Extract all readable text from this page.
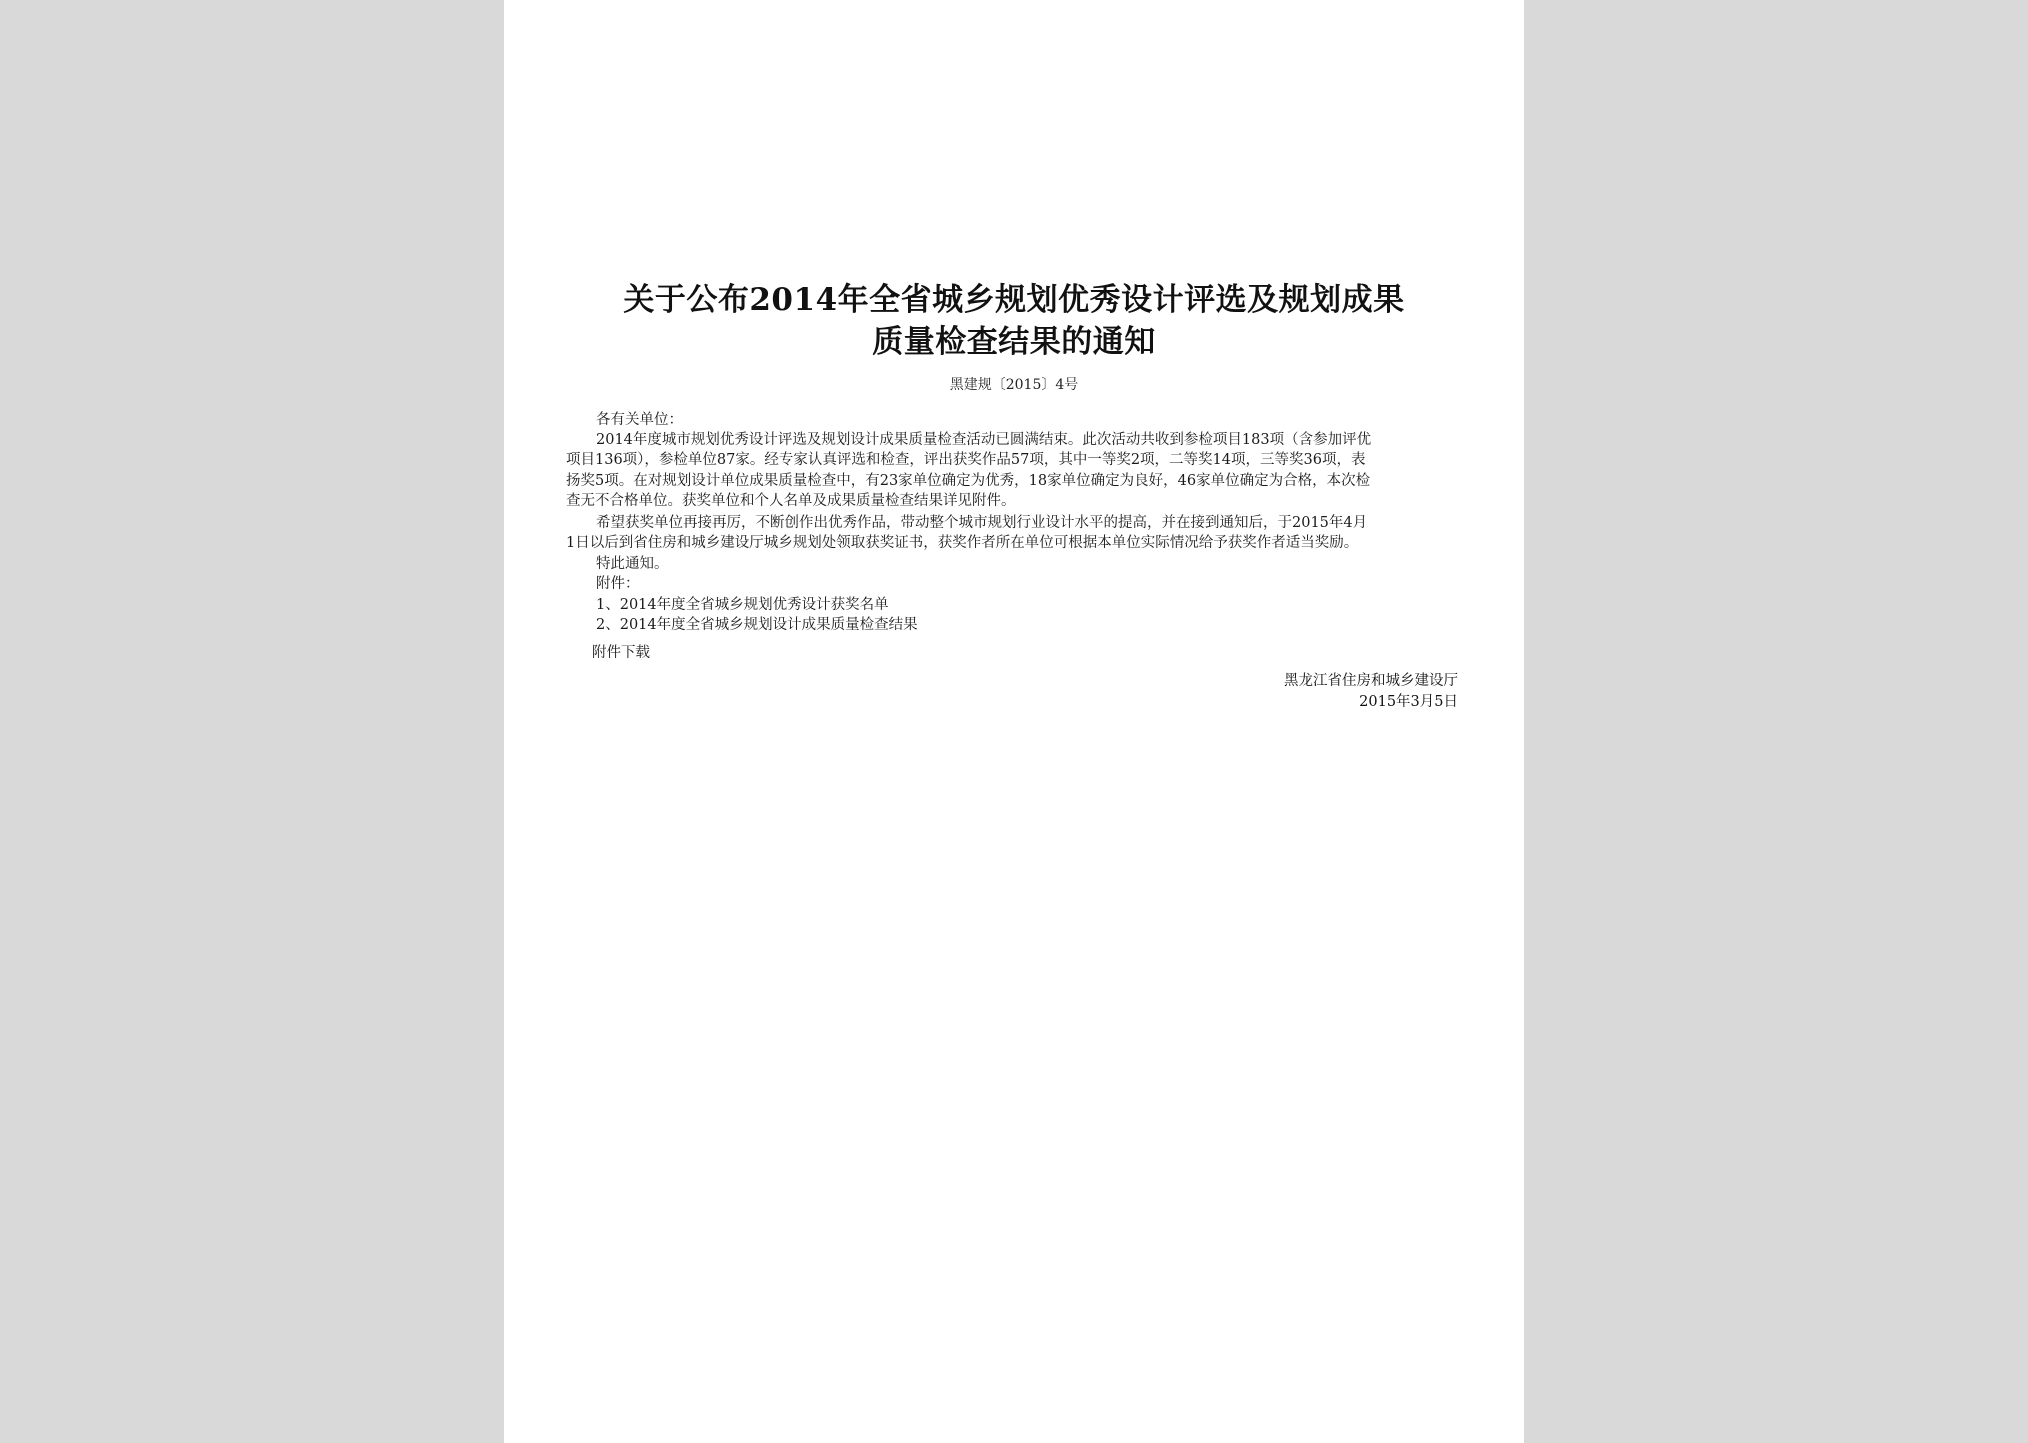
关于公布2014年全省城乡规划优秀设计评选及规划成果
质量检查结果的通知
黑建规〔2015〕4号
各有关单位：
2014年度城市规划优秀设计评选及规划设计成果质量检查活动已圆满结束。此次活动共收到参检项目183项（含参加评优
项目136项），参检单位87家。经专家认真评选和检查，评出获奖作品57项，其中一等奖2项，二等奖14项，三等奖36项，表
扬奖5项。在对规划设计单位成果质量检查中，有23家单位确定为优秀，18家单位确定为良好，46家单位确定为合格，本次检
查无不合格单位。获奖单位和个人名单及成果质量检查结果详见附件。
希望获奖单位再接再厉，不断创作出优秀作品，带动整个城市规划行业设计水平的提高，并在接到通知后，于2015年4月
1日以后到省住房和城乡建设厅城乡规划处领取获奖证书，获奖作者所在单位可根据本单位实际情况给予获奖作者适当奖励。
特此通知。
附件：
1、2014年度全省城乡规划优秀设计获奖名单
2、2014年度全省城乡规划设计成果质量检查结果
附件下载
黑龙江省住房和城乡建设厅
2015年3月5日
